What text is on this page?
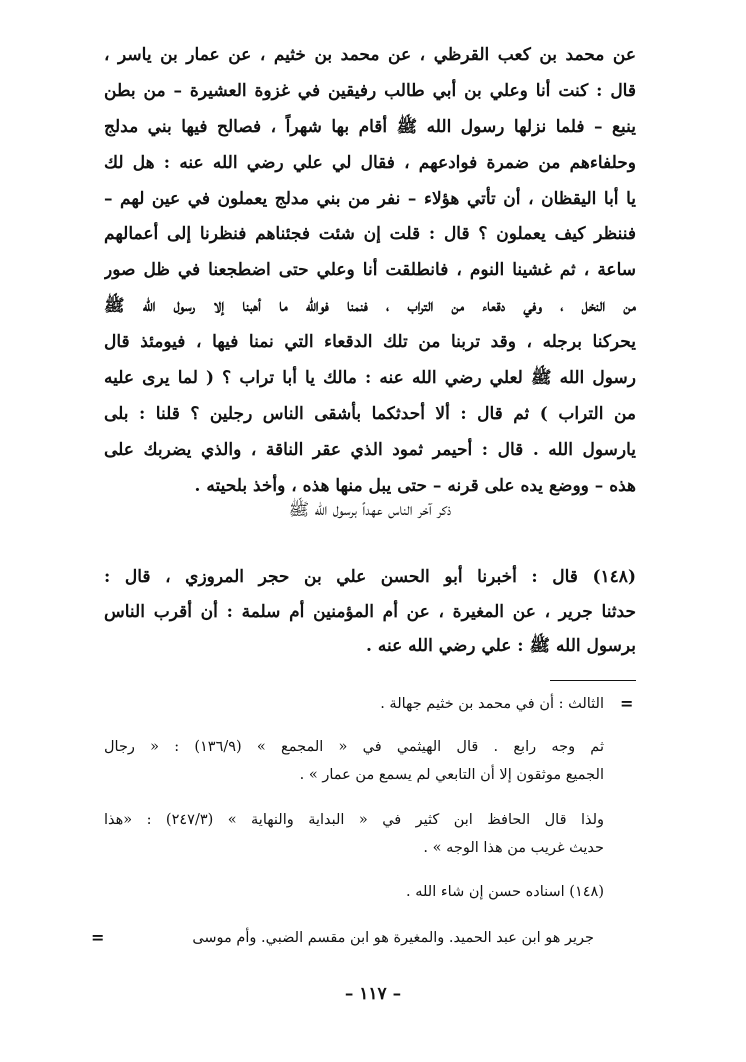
عن محمد بن كعب القرظي ، عن محمد بن خثيم ، عن عمار بن ياسر ،
قال : كنت أنا وعلي بن أبي طالب رفيقين في غزوة العشيرة – من بطن
ينبع – فلما نزلها رسول الله ﷺ أقام بها شهراً ، فصالح فيها بني مدلج
وحلفاءهم من ضمرة فوادعهم ، فقال لي علي رضي الله عنه : هل لك
يا أبا اليقظان ، أن تأتي هؤلاء – نفر من بني مدلج يعملون في عين لهم –
فننظر كيف يعملون ؟ قال : قلت إن شئت فجئناهم فنظرنا إلى أعمالهم
ساعة ، ثم غشينا النوم ، فانطلقت أنا وعلي حتى اضطجعنا في ظل صور
من النخل ، وفي دقعاء من التراب ، فنمنا فوالله ما أهبنا إلا رسول الله ﷺ
يحركنا برجله ، وقد تربنا من تلك الدقعاء التي نمنا فيها ، فيومئذ قال
رسول الله ﷺ لعلي رضي الله عنه : مالك يا أبا تراب ؟ ( لما يرى عليه
من التراب ) ثم قال : ألا أحدثكما بأشقى الناس رجلين ؟ قلنا : بلى
يارسول الله . قال : أحيمر ثمود الذي عقر الناقة ، والذي يضربك على
هذه – ووضع يده على قرنه – حتى يبل منها هذه ، وأخذ بلحيته .
ذكر آخر الناس عهداً برسول الله ﷺ
(١٤٨) قال : أخبرنا أبو الحسن علي بن حجر المروزي ، قال :
حدثنا جرير ، عن المغيرة ، عن أم المؤمنين أم سلمة : أن أقرب الناس
برسول الله ﷺ : علي رضي الله عنه .
=
الثالث : أن في محمد بن خثيم جهالة .
ثم وجه رابع . قال الهيثمي في « المجمع » (١٣٦/٩) : « رجال
الجميع موثقون إلا أن التابعي لم يسمع من عمار » .
ولذا قال الحافظ ابن كثير في « البداية والنهاية » (٢٤٧/٣) : «هذا
حديث غريب من هذا الوجه » .
(١٤٨) اسناده حسن إن شاء الله .
جرير هو ابن عبد الحميد. والمغيرة هو ابن مقسم الضبي. وأم موسى
=
– ١١٧ –
